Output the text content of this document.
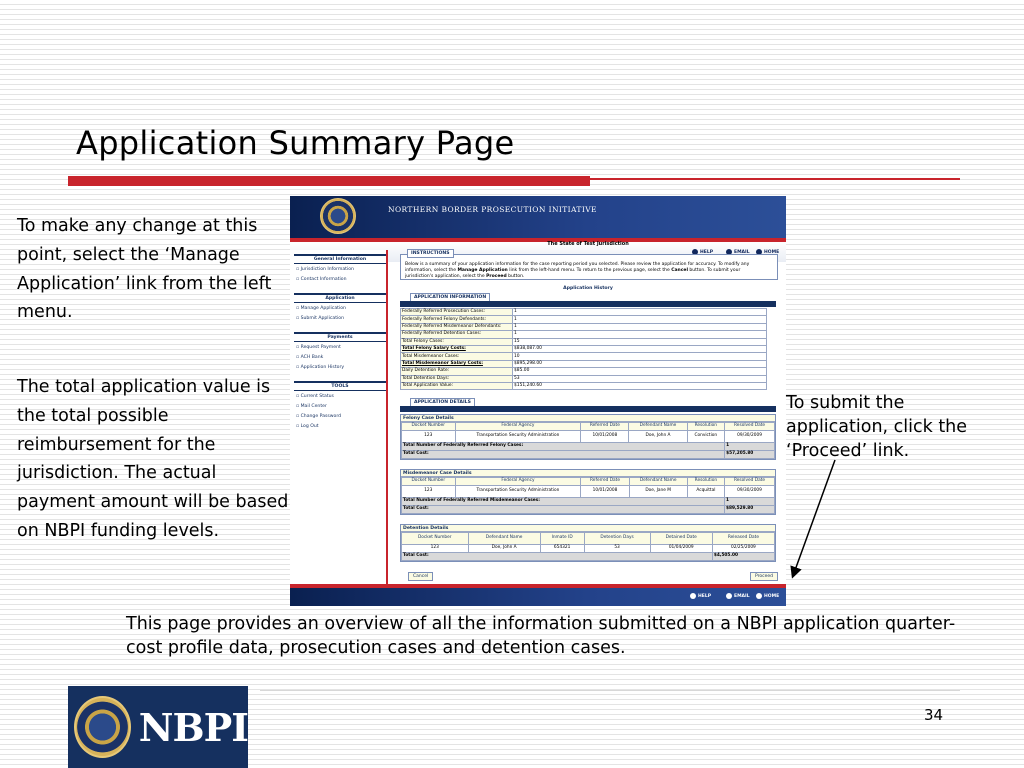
Application Summary Page
To make any change at this point, select the ‘Manage Application’ link from the left menu.
The total application value is the total possible reimbursement for the jurisdiction. The actual payment amount will be based on NBPI funding levels.
NORTHERN BORDER PROSECUTION INITIATIVE
HELP	EMAIL	HOME
General Information
▫ Jurisdiction Information
▫ Contact Information
Application
▫ Manage Application
▫ Submit Application
Payments
▫ Request Payment
▫ ACH Bank
▫ Application History
TOOLS
▫ Current Status
▫ Mail Center
▫ Change Password
▫ Log Out
The State of Test Jurisdiction
INSTRUCTIONS
Below is a summary of your application information for the case reporting period you selected. Please review the application for accuracy. To modify any information, select the Manage Application link from the left-hand menu. To return to the previous page, select the Cancel button. To submit your jurisdiction's application, select the Proceed button.
Application History
APPLICATION INFORMATION
Federally Referred Prosecution Cases:	1
Federally Referred Felony Defendants:	1
Federally Referred Misdemeanor Defendants:	1
Federally Referred Detention Cases:	1
Total Felony Cases:	15
Total Felony Salary Costs:	$838,087.00
Total Misdemeanor Cases:	10
Total Misdemeanor Salary Costs:	$895,298.00
Daily Detention Rate:	$85.00
Total Detention Days:	53
Total Application Value:	$151,240.60
APPLICATION DETAILS
Felony Case Details
Docket Number	Federal Agency	Referred Date	Defendant Name	Resolution	Resolved Date
123	Transportation Security Administration	10/01/2008	Doe, John A	Conviction	09/30/2009
Total Number of Federally Referred Felony Cases:					1
Total Cost:					$57,205.80
Misdemeanor Case Details
Docket Number	Federal Agency	Referred Date	Defendant Name	Resolution	Resolved Date
123	Transportation Security Administration	10/01/2008	Doe, Jane M	Acquittal	09/30/2009
Total Number of Federally Referred Misdemeanor Cases:					1
Total Cost:					$89,529.80
Detention Details
Docket Number	Defendant Name	Inmate ID	Detention Days	Detained Date	Released Date
123	Doe, John A	654321	53	01/04/2009	02/25/2009
Total Cost:					$4,505.00
Cancel	Proceed
HELP	EMAIL	HOME
To submit the application, click the ‘Proceed’ link.
This page provides an overview of all the information submitted on a NBPI application quarter- cost profile data, prosecution cases and detention cases.
NBPI	34
